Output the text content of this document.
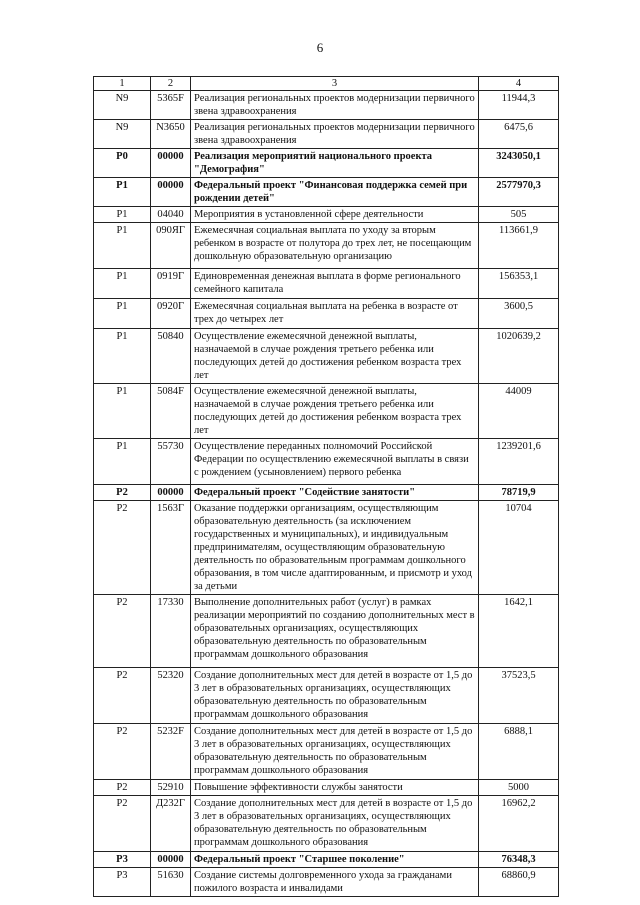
6
1	2	3	4
N9	5365F	Реализация региональных проектов модернизации первичного звена здравоохранения	11944,3
N9	N3650	Реализация региональных проектов модернизации первичного звена здравоохранения	6475,6
P0	00000	Реализация мероприятий национального проекта "Демография"	3243050,1
P1	00000	Федеральный проект "Финансовая поддержка семей при рождении детей"	2577970,3
P1	04040	Мероприятия в установленной сфере деятельности	505
P1	090ЯГ	Ежемесячная социальная выплата по уходу за вторым ребенком в возрасте от полутора до трех лет, не посещающим дошкольную образовательную организацию	113661,9
P1	0919Г	Единовременная денежная выплата в форме регионального семейного капитала	156353,1
P1	0920Г	Ежемесячная социальная выплата на ребенка в возрасте от трех до четырех лет	3600,5
P1	50840	Осуществление ежемесячной денежной выплаты, назначаемой в случае рождения третьего ребенка или последующих детей до достижения ребенком возраста трех лет	1020639,2
P1	5084F	Осуществление ежемесячной денежной выплаты, назначаемой в случае рождения третьего ребенка или последующих детей до достижения ребенком возраста трех лет	44009
P1	55730	Осуществление переданных полномочий Российской Федерации по осуществлению ежемесячной выплаты в связи с рождением (усыновлением) первого ребенка	1239201,6
P2	00000	Федеральный проект "Содействие занятости"	78719,9
P2	1563Г	Оказание поддержки организациям, осуществляющим образовательную деятельность (за исключением государственных и муниципальных), и индивидуальным предпринимателям, осуществляющим образовательную деятельность по образовательным программам дошкольного образования, в том числе адаптированным, и присмотр и уход за детьми	10704
P2	17330	Выполнение дополнительных работ (услуг) в рамках реализации мероприятий по созданию дополнительных мест в образовательных организациях, осуществляющих образовательную деятельность по образовательным программам дошкольного образования	1642,1
P2	52320	Создание дополнительных мест для детей в возрасте от 1,5 до 3 лет в образовательных организациях, осуществляющих образовательную деятельность по образовательным программам дошкольного образования	37523,5
P2	5232F	Создание дополнительных мест для детей в возрасте от 1,5 до 3 лет в образовательных организациях, осуществляющих образовательную деятельность по образовательным программам дошкольного образования	6888,1
P2	52910	Повышение эффективности службы занятости	5000
P2	Д232Г	Создание дополнительных мест для детей в возрасте от 1,5 до 3 лет в образовательных организациях, осуществляющих образовательную деятельность по образовательным программам дошкольного образования	16962,2
P3	00000	Федеральный проект "Старшее поколение"	76348,3
P3	51630	Создание системы долговременного ухода за гражданами пожилого возраста и инвалидами	68860,9
